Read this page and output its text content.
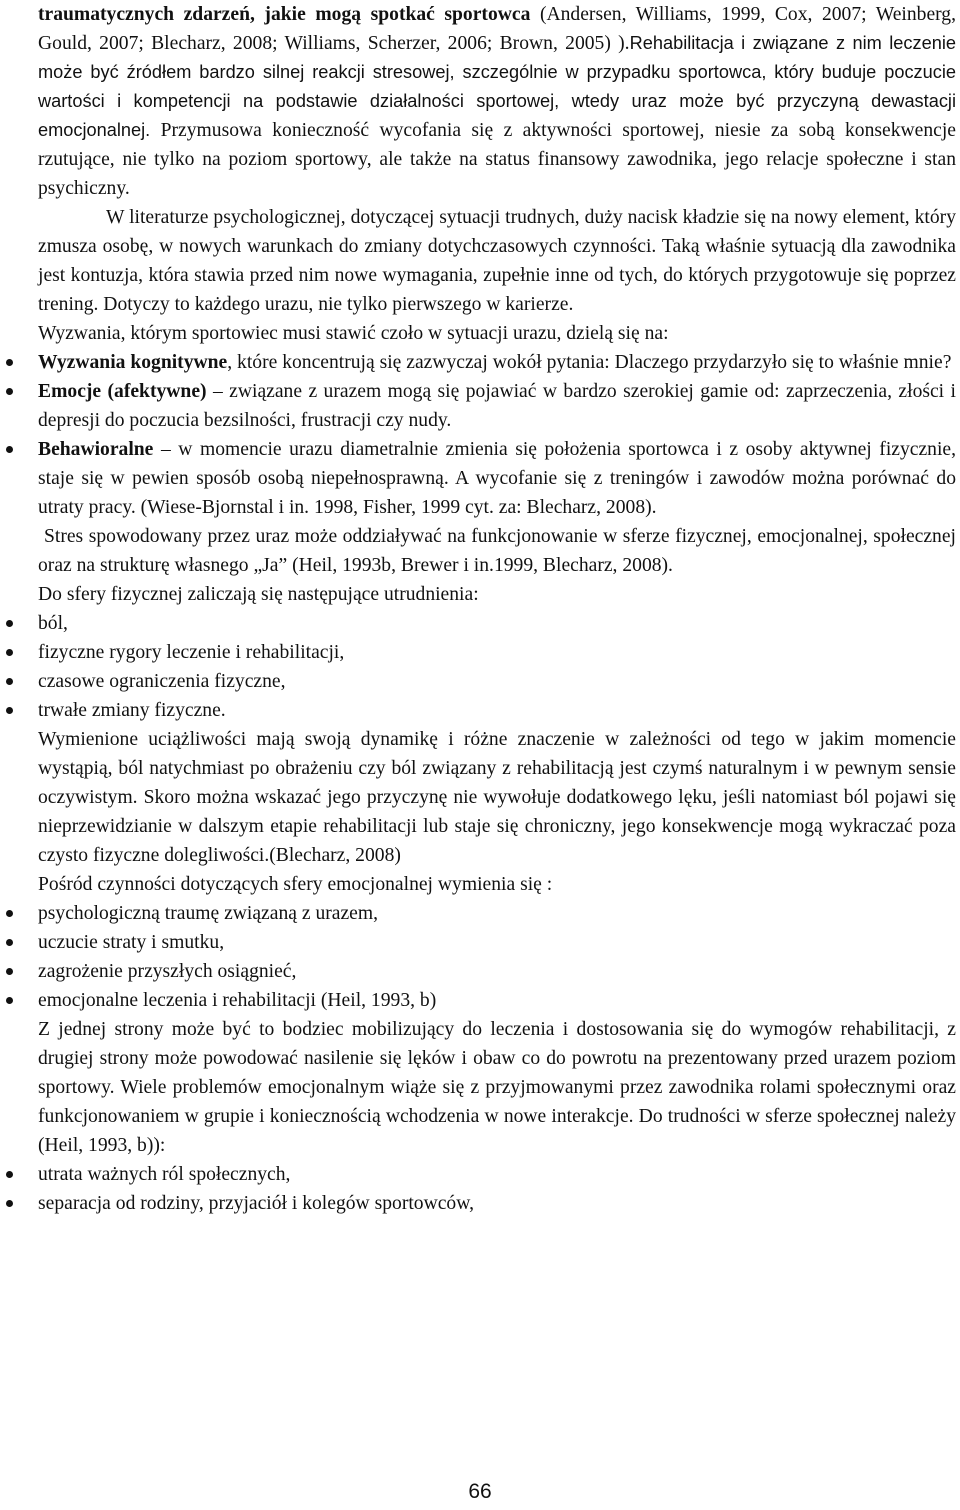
traumatycznych zdarzeń, jakie mogą spotkać sportowca (Andersen, Williams, 1999, Cox, 2007; Weinberg, Gould, 2007; Blecharz, 2008; Williams, Scherzer, 2006; Brown, 2005) ).Rehabilitacja i związane z nim leczenie może być źródłem bardzo silnej reakcji stresowej, szczególnie w przypadku sportowca, który buduje poczucie wartości i kompetencji na podstawie działalności sportowej, wtedy uraz może być przyczyną dewastacji emocjonalnej. Przymusowa konieczność wycofania się z aktywności sportowej, niesie za sobą konsekwencje rzutujące, nie tylko na poziom sportowy, ale także na status finansowy zawodnika, jego relacje społeczne i stan psychiczny.

W literaturze psychologicznej, dotyczącej sytuacji trudnych, duży nacisk kładzie się na nowy element, który zmusza osobę, w nowych warunkach do zmiany dotychczasowych czynności. Taką właśnie sytuacją dla zawodnika jest kontuzja, która stawia przed nim nowe wymagania, zupełnie inne od tych, do których przygotowuje się poprzez trening. Dotyczy to każdego urazu, nie tylko pierwszego w karierze.

Wyzwania, którym sportowiec musi stawić czoło w sytuacji urazu, dzielą się na:

Wyzwania kognitywne, które koncentrują się zazwyczaj wokół pytania: Dlaczego przydarzyło się to właśnie mnie?
Emocje (afektywne) – związane z urazem mogą się pojawiać w bardzo szerokiej gamie od: zaprzeczenia, złości i depresji do poczucia bezsilności, frustracji czy nudy.
Behawioralne – w momencie urazu diametralnie zmienia się położenia sportowca i z osoby aktywnej fizycznie, staje się w pewien sposób osobą niepełnosprawną. A wycofanie się z treningów i zawodów można porównać do utraty pracy. (Wiese-Bjornstal i in. 1998, Fisher, 1999 cyt. za: Blecharz, 2008).

Stres spowodowany przez uraz może oddziaływać na funkcjonowanie w sferze fizycznej, emocjonalnej, społecznej oraz na strukturę własnego „Ja” (Heil, 1993b, Brewer i in.1999, Blecharz, 2008).

Do sfery fizycznej zaliczają się następujące utrudnienia:

ból,
fizyczne rygory leczenie i rehabilitacji,
czasowe ograniczenia fizyczne,
trwałe zmiany fizyczne.

Wymienione uciążliwości mają swoją dynamikę i różne znaczenie w zależności od tego w jakim momencie wystąpią, ból natychmiast po obrażeniu czy ból związany z rehabilitacją jest czymś naturalnym i w pewnym sensie oczywistym. Skoro można wskazać jego przyczynę nie wywołuje dodatkowego lęku, jeśli natomiast ból pojawi się nieprzewidzianie w dalszym etapie rehabilitacji lub staje się chroniczny, jego konsekwencje mogą wykraczać poza czysto fizyczne dolegliwości.(Blecharz, 2008)

Pośród czynności dotyczących sfery emocjonalnej wymienia się :

psychologiczną traumę związaną z urazem,
uczucie straty i smutku,
zagrożenie przyszłych osiągnieć,
emocjonalne leczenia i rehabilitacji (Heil, 1993, b)

Z jednej strony może być to bodziec mobilizujący do leczenia i dostosowania się do wymogów rehabilitacji, z drugiej strony może powodować nasilenie się lęków i obaw co do powrotu na prezentowany przed urazem poziom sportowy. Wiele problemów emocjonalnym wiąże się z przyjmowanymi przez zawodnika rolami społecznymi oraz funkcjonowaniem w grupie i koniecznością wchodzenia w nowe interakcje. Do trudności w sferze społecznej należy (Heil, 1993, b)):

utrata ważnych ról społecznych,
separacja od rodziny, przyjaciół i kolegów sportowców,
66
